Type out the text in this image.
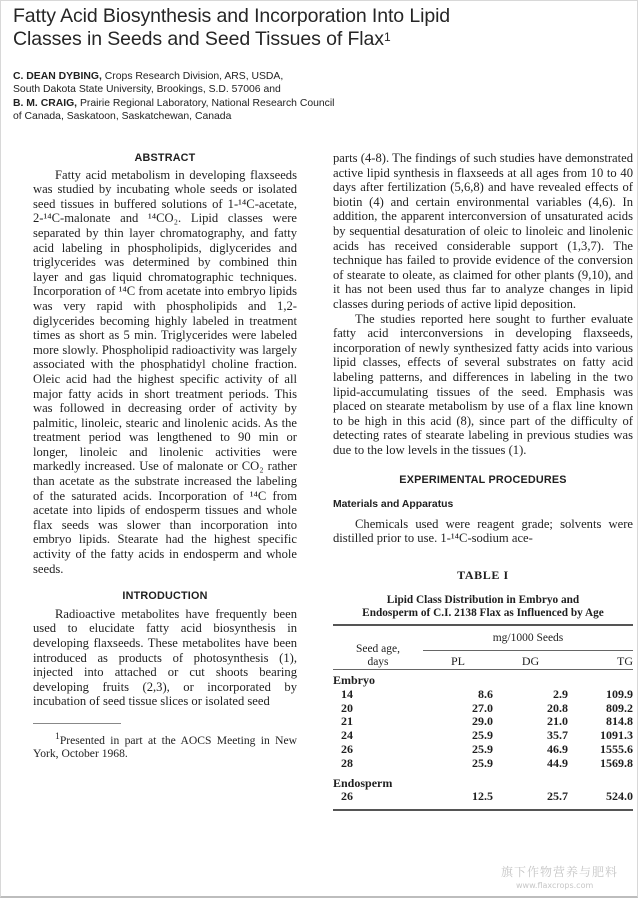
Fatty Acid Biosynthesis and Incorporation Into Lipid
Classes in Seeds and Seed Tissues of Flax$^1$
C. DEAN DYBING, Crops Research Division, ARS, USDA,
South Dakota State University, Brookings, S.D. 57006 and
B. M. CRAIG, Prairie Regional Laboratory, National Research Council
of Canada, Saskatoon, Saskatchewan, Canada
ABSTRACT

Fatty acid metabolism in developing flaxseeds was studied by incubating whole seeds or isolated seed tissues in buffered solutions of 1-¹⁴C-acetate, 2-¹⁴C-malonate and ¹⁴CO₂. Lipid classes were separated by thin layer chromatography, and fatty acid labeling in phospholipids, diglycerides and triglycerides was determined by combined thin layer and gas liquid chromatographic techniques. Incorporation of ¹⁴C from acetate into embryo lipids was very rapid with phospholipids and 1,2-diglycerides becoming highly labeled in treatment times as short as 5 min. Triglycerides were labeled more slowly. Phospholipid radioactivity was largely associated with the phosphatidyl choline fraction. Oleic acid had the highest specific activity of all major fatty acids in short treatment periods. This was followed in decreasing order of activity by palmitic, linoleic, stearic and linolenic acids. As the treatment period was lengthened to 90 min or longer, linoleic and linolenic activities were markedly increased. Use of malonate or CO₂ rather than acetate as the substrate increased the labeling of the saturated acids. Incorporation of ¹⁴C from acetate into lipids of endosperm tissues and whole flax seeds was slower than incorporation into embryo lipids. Stearate had the highest specific activity of the fatty acids in endosperm and whole seeds.

INTRODUCTION

Radioactive metabolites have frequently been used to elucidate fatty acid biosynthesis in developing flaxseeds. These metabolites have been introduced as products of photosynthesis (1), injected into attached or cut shoots bearing developing fruits (2,3), or incorporated by incubation of seed tissue slices or isolated seed

$^1$Presented in part at the AOCS Meeting in New York, October 1968.

parts (4-8). The findings of such studies have demonstrated active lipid synthesis in flaxseeds at all ages from 10 to 40 days after fertilization (5,6,8) and have revealed effects of biotin (4) and certain environmental variables (4,6). In addition, the apparent interconversion of unsaturated acids by sequential desaturation of oleic to linoleic and linolenic acids has received considerable support (1,3,7). The technique has failed to provide evidence of the conversion of stearate to oleate, as claimed for other plants (9,10), and it has not been used thus far to analyze changes in lipid classes during periods of active lipid deposition.

The studies reported here sought to further evaluate fatty acid interconversions in developing flaxseeds, incorporation of newly synthesized fatty acids into various lipid classes, effects of several substrates on fatty acid labeling patterns, and differences in labeling in the two lipid-accumulating tissues of the seed. Emphasis was placed on stearate metabolism by use of a flax line known to be high in this acid (8), since part of the difficulty of detecting rates of stearate labeling in previous studies was due to the low levels in the tissues (1).

EXPERIMENTAL PROCEDURES
Materials and Apparatus

Chemicals used were reagent grade; solvents were distilled prior to use. 1-¹⁴C-sodium ace-

TABLE I
Lipid Class Distribution in Embryo and
Endosperm of C.I. 2138 Flax as Influenced by Age

Seed age,
days	mg/1000 Seeds		
	PL	DG	TG

Embryo			
14	8.6	2.9	109.9
20	27.0	20.8	809.2
21	29.0	21.0	814.8
24	25.9	35.7	1091.3
26	25.9	46.9	1555.6
28	25.9	44.9	1569.8
Endosperm			
26	12.5	25.7	524.0

旗下作物营养与肥料
www.flaxcrops.com
